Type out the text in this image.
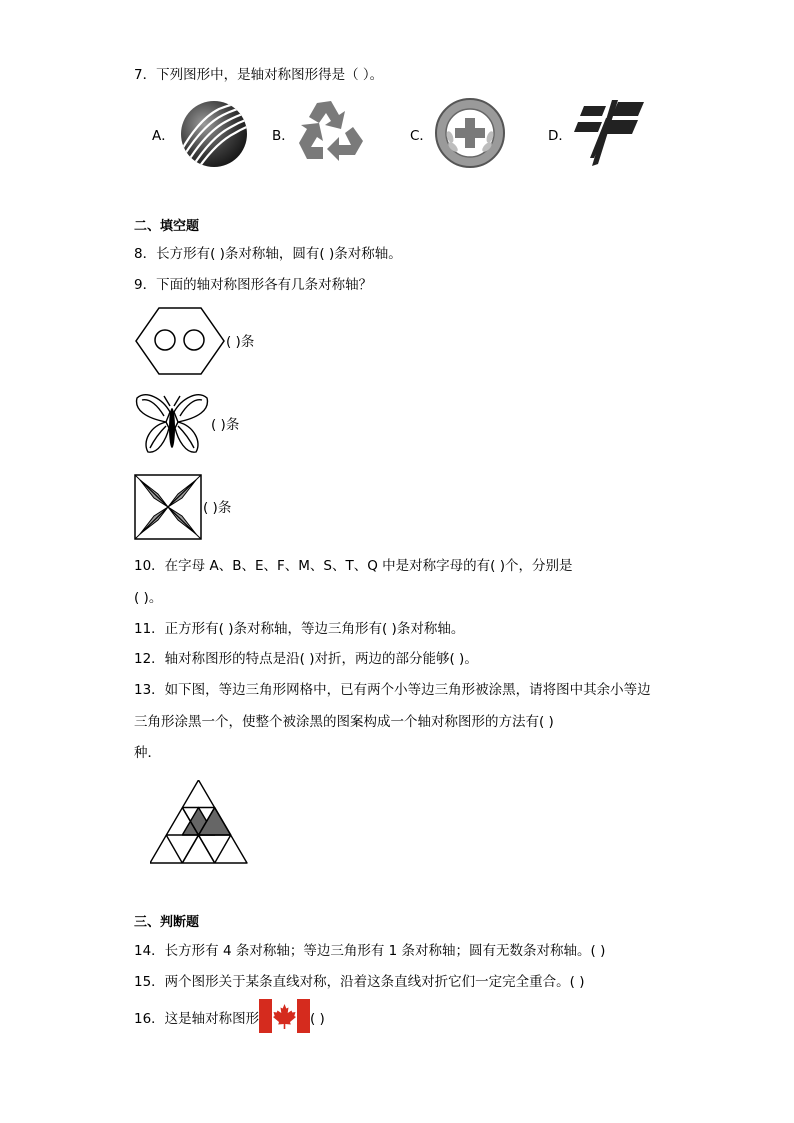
7．下列图形中，是轴对称图形得是（ ）。
A．	B．	C．	D．
二、填空题
8．长方形有( )条对称轴，圆有( )条对称轴。
9．下面的轴对称图形各有几条对称轴？
( )条
( )条
( )条
10．在字母 A、B、E、F、M、S、T、Q 中是对称字母的有( )个，分别是
( )。
11．正方形有( )条对称轴，等边三角形有( )条对称轴。
12．轴对称图形的特点是沿( )对折，两边的部分能够( )。
13．如下图，等边三角形网格中，已有两个小等边三角形被涂黑，请将图中其余小等边
三角形涂黑一个，使整个被涂黑的图案构成一个轴对称图形的方法有( )
种．
三、判断题
14．长方形有 4 条对称轴；等边三角形有 1 条对称轴；圆有无数条对称轴。( )
15．两个图形关于某条直线对称，沿着这条直线对折它们一定完全重合。( )
16．这是轴对称图形	( )
